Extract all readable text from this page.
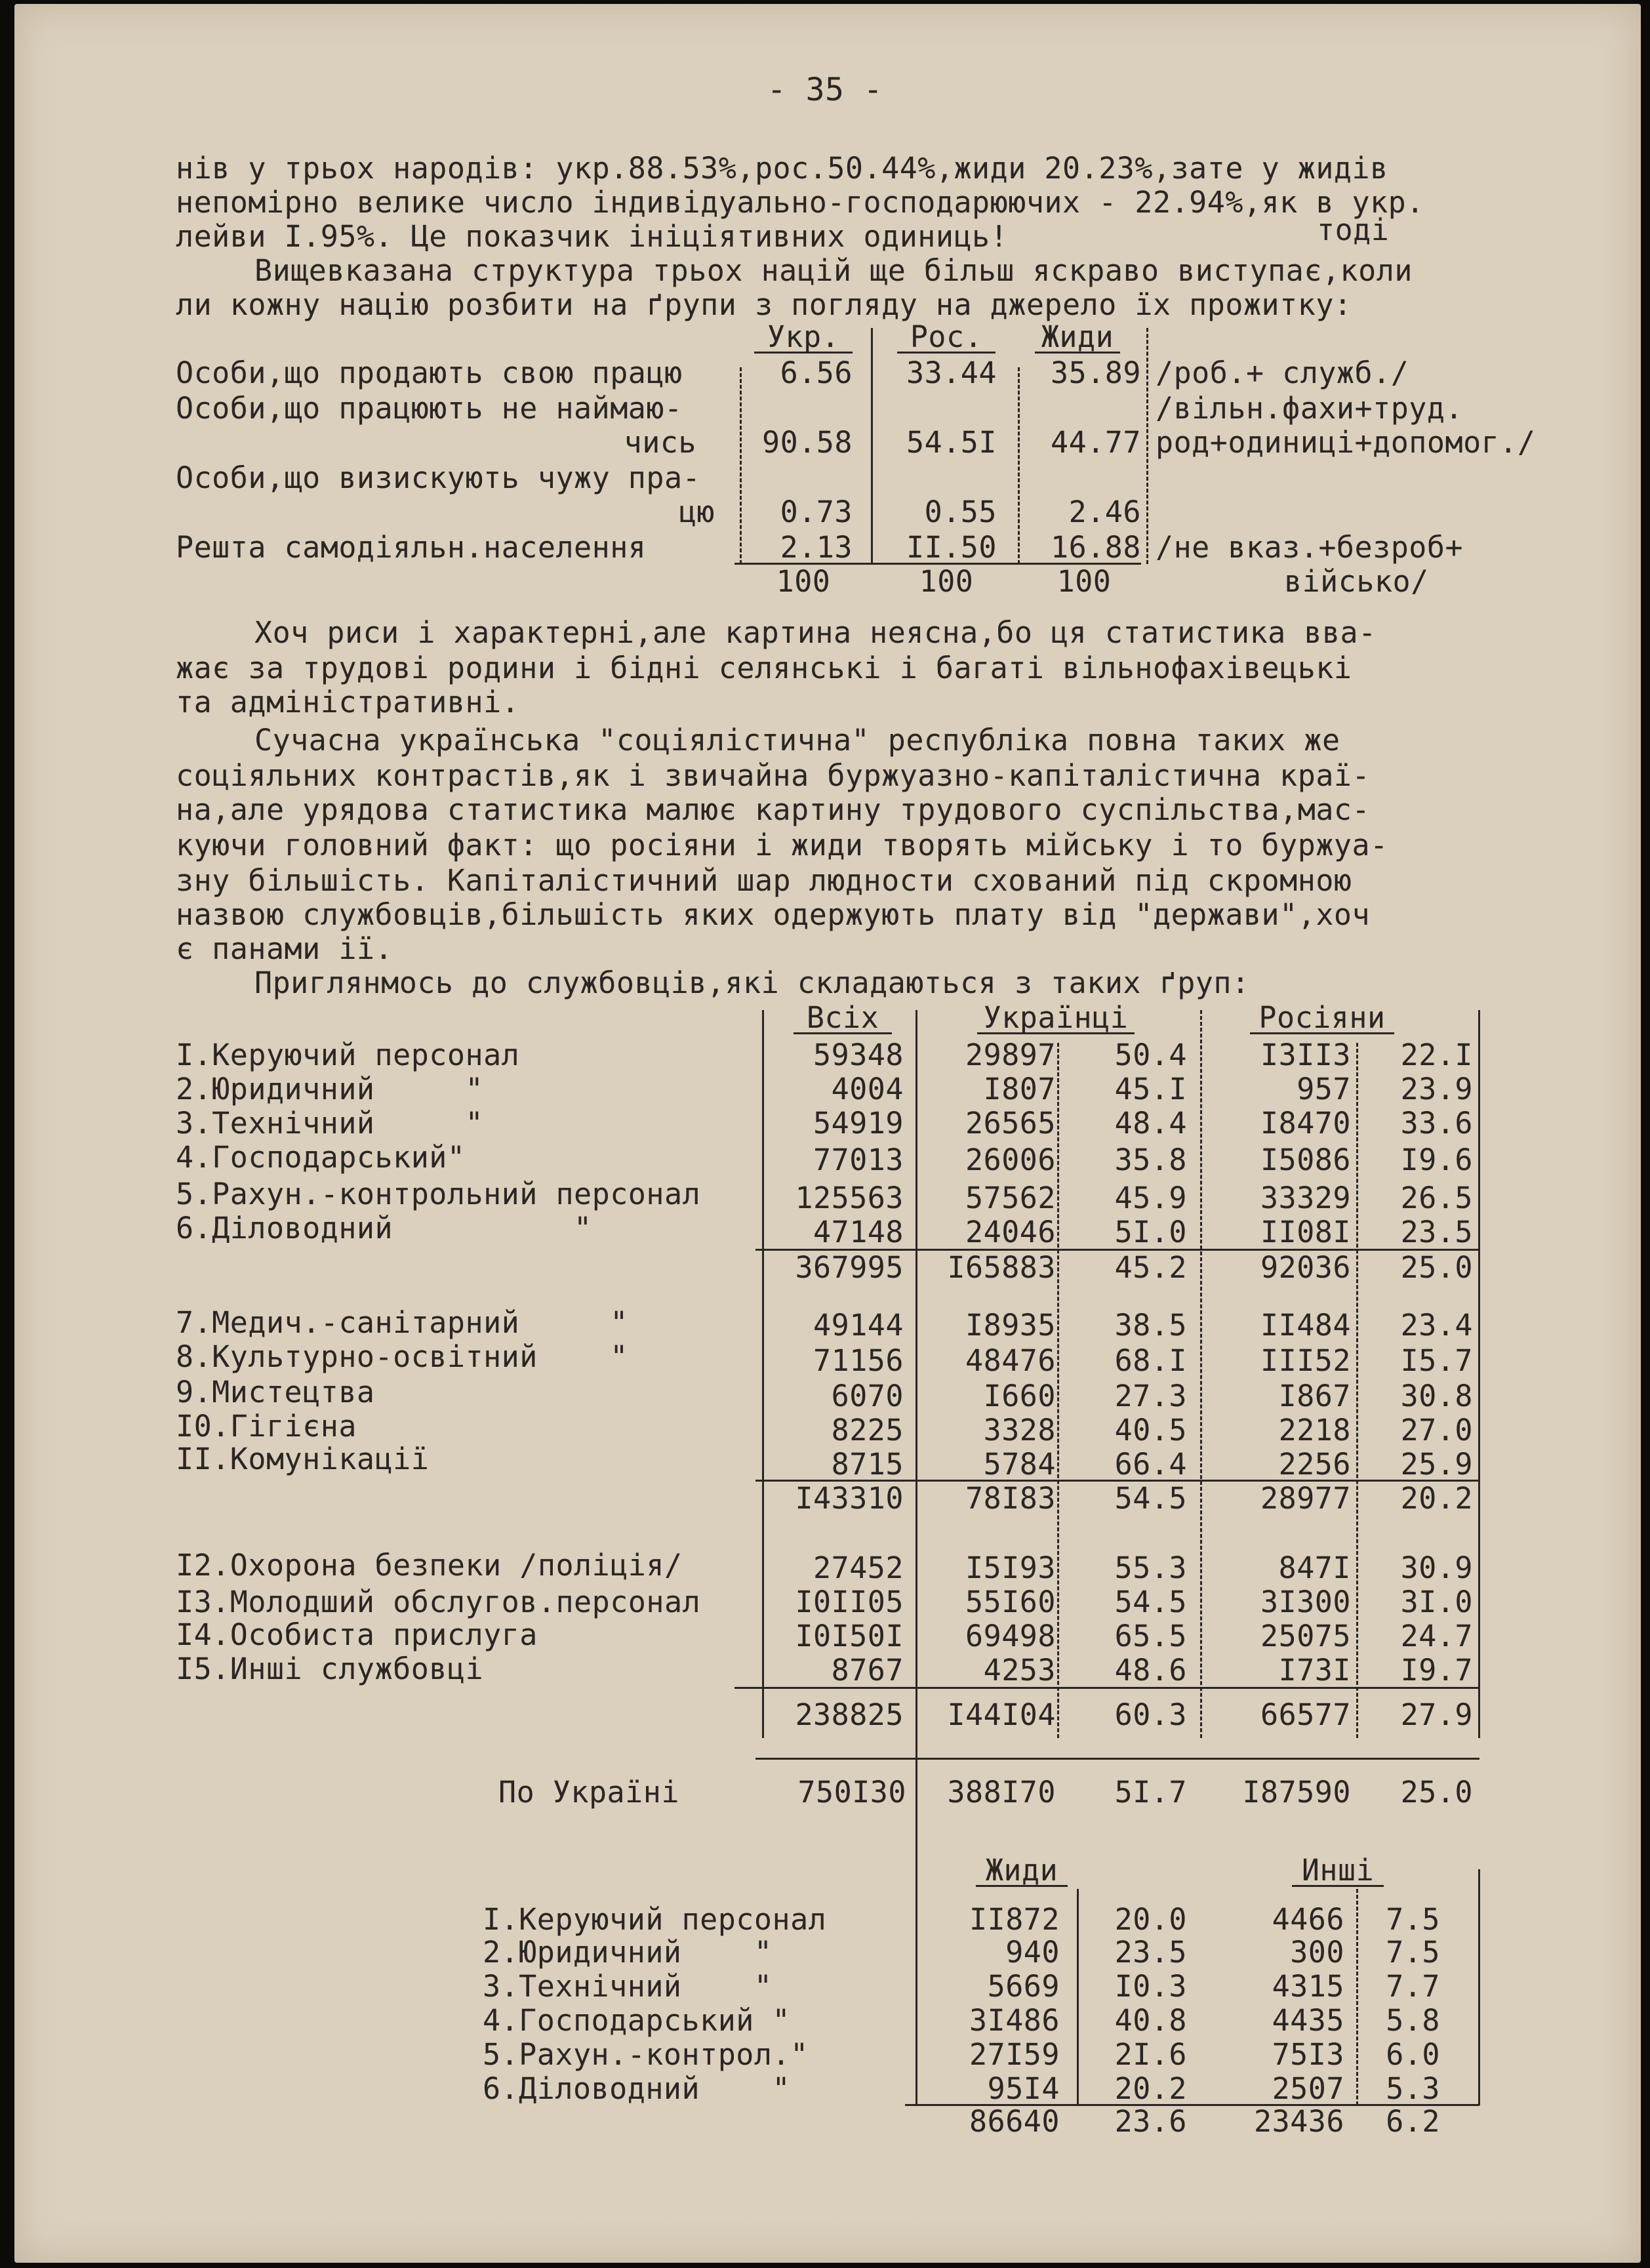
- 35 -
нів у трьох народів: укр.88.53%,рос.50.44%,жиди 20.23%,зате у жидів
непомірно велике число індивідуально-господарюючих - 22.94%,як в укр.
лейви I.95%. Це показчик ініціятивних одиниць!	тоді
Вищевказана структура трьох націй ще більш яскраво виступає,коли
ли кожну націю розбити на ґрупи з погляду на джерело їх прожитку:
Укр.	Рос.	Жиди
Особи,що продають свою працю	6.56	33.44	35.89 /роб.+ служб./
Особи,що працюють не наймаю-
чись	90.58	54.5I	44.77
/вільн.фахи+труд.
род+одиниці+допомог./
Особи,що визискують чужу пра-
цю	0.73	0.55	2.46
Решта самодіяльн.населення	2.13	II.50	16.88 /не вказ.+безроб+
військо/
100	100	100
Хоч риси і характерні,але картина неясна,бо ця статистика вва-
жає за трудові родини і бідні селянські і багаті вільнофахівецькі
та адміністративні.
Сучасна українська "соціялістична" республіка повна таких же
соціяльних контрастів,як і звичайна буржуазно-капіталістична краї-
на,але урядова статистика малює картину трудового суспільства,мас-
куючи головний факт: що росіяни і жиди творять мійську і то буржуа-
зну більшість. Капіталістичний шар людности схований під скромною
назвою службовців,більшість яких одержують плату від "держави",хоч
є панами ії.
Приглянмось до службовців,які складаються з таких ґруп:
Всіх	Українці	Росіяни
I.Керуючий персонал	59348	29897	50.4	I3II3	22.I
2.Юридичний     "	4004	I807	45.I	957	23.9
3.Технічний     "	54919	26565	48.4	I8470	33.6
4.Господарський"	77013	26006	35.8	I5086	I9.6
5.Рахун.-контрольний персонал	125563	57562	45.9	33329	26.5
6.Діловодний          "	47148	24046	5I.0	II08I	23.5
367995	I65883	45.2	92036	25.0
7.Медич.-санітарний     "	49144	I8935	38.5	II484	23.4
8.Культурно-освітний    "	71156	48476	68.I	III52	I5.7
9.Мистецтва	6070	I660	27.3	I867	30.8
I0.Гігієна	8225	3328	40.5	2218	27.0
II.Комунікації	8715	5784	66.4	2256	25.9
I43310	78I83	54.5	28977	20.2
I2.Охорона безпеки /поліція/	27452	I5I93	55.3	847I	30.9
I3.Молодший обслугов.персонал	I0II05	55I60	54.5	3I300	3I.0
I4.Особиста прислуга	I0I50I	69498	65.5	25075	24.7
I5.Инші службовці	8767	4253	48.6	I73I	I9.7
238825	I44I04	60.3	66577	27.9
По Україні	750I30	388I70	5I.7	I87590	25.0
Жиди	Инші
I.Керуючий персонал	II872	20.0	4466	7.5
2.Юридичний    "	940	23.5	300	7.5
3.Технічний    "	5669	I0.3	4315	7.7
4.Господарський "	3I486	40.8	4435	5.8
5.Рахун.-контрол."	27I59	2I.6	75I3	6.0
6.Діловодний    "	95I4	20.2	2507	5.3
86640	23.6	23436	6.2
